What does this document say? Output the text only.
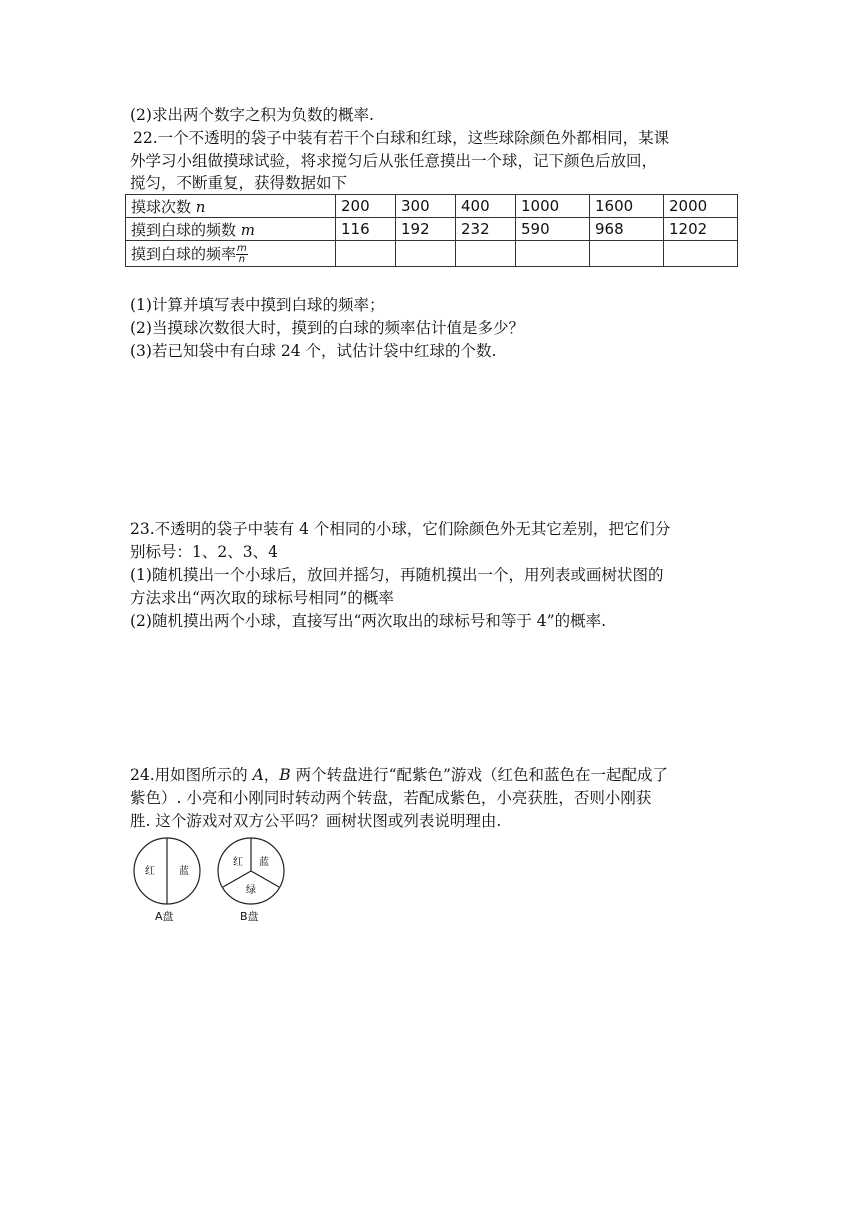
(2)求出两个数字之积为负数的概率.
22.一个不透明的袋子中装有若干个白球和红球，这些球除颜色外都相同，某课
外学习小组做摸球试验，将求搅匀后从张任意摸出一个球，记下颜色后放回，
搅匀，不断重复，获得数据如下
摸球次数 n	200	300	400	1000	1600	2000
摸到白球的频数 m	116	192	232	590	968	1202
摸到白球的频率 $\frac{m}{n}$

(1)计算并填写表中摸到白球的频率；
(2)当摸球次数很大时，摸到的白球的频率估计值是多少？
(3)若已知袋中有白球 24 个，试估计袋中红球的个数.
23.不透明的袋子中装有 4 个相同的小球，它们除颜色外无其它差别，把它们分
别标号：1、2、3、4
(1)随机摸出一个小球后，放回并摇匀，再随机摸出一个，用列表或画树状图的
方法求出“两次取的球标号相同”的概率
(2)随机摸出两个小球，直接写出“两次取出的球标号和等于 4”的概率.
24.用如图所示的 A，B 两个转盘进行“配紫色”游戏（红色和蓝色在一起配成了
紫色）. 小亮和小刚同时转动两个转盘，若配成紫色，小亮获胜，否则小刚获
胜. 这个游戏对双方公平吗？画树状图或列表说明理由.
红 蓝
A盘
红 蓝
绿
B盘
